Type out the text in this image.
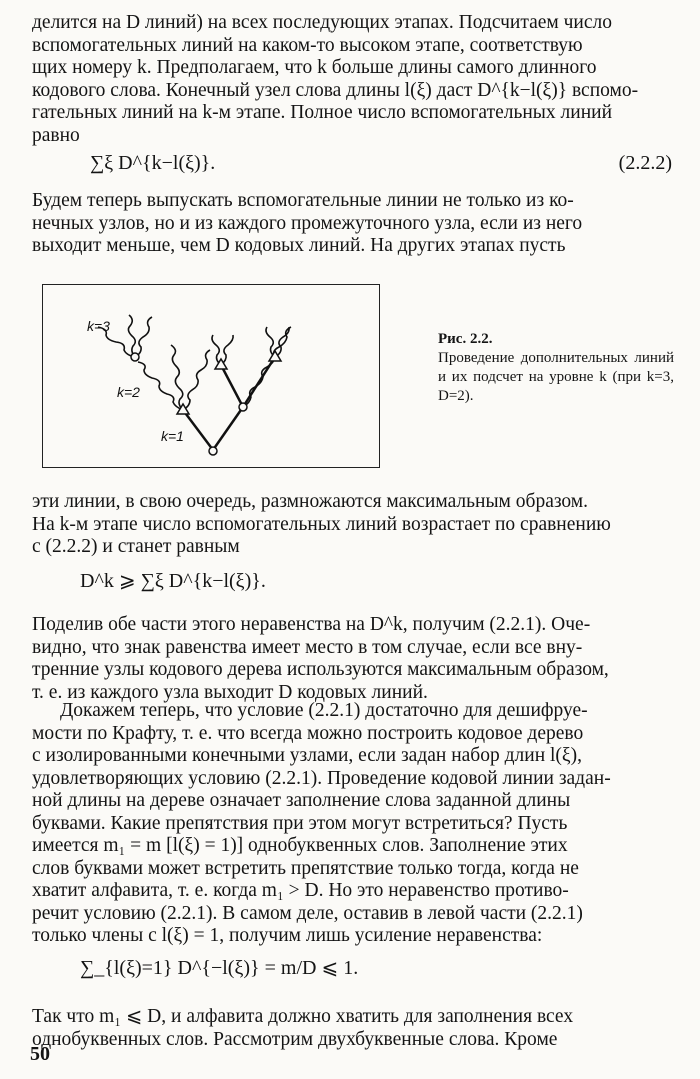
делится на D линий) на всех последующих этапах. Подсчитаем число
вспомогательных линий на каком-то высоком этапе, соответствую
щих номеру k. Предполагаем, что k больше длины самого длинного
кодового слова. Конечный узел слова длины l(ξ) даст D^{k−l(ξ)} вспомо-
гательных линий на k-м этапе. Полное число вспомогательных линий
равно
∑ξ D^{k−l(ξ)}.	(2.2.2)
Будем теперь выпускать вспомогательные линии не только из ко-
нечных узлов, но и из каждого промежуточного узла, если из него
выходит меньше, чем D кодовых линий. На других этапах пусть
k=3
k=2
k=1
Рис. 2.2.
Проведение дополнительных линий и их подсчет на уровне k (при k=3, D=2).
эти линии, в свою очередь, размножаются максимальным образом.
На k-м этапе число вспомогательных линий возрастает по сравнению
с (2.2.2) и станет равным
D^k ⩾ ∑ξ D^{k−l(ξ)}.
Поделив обе части этого неравенства на D^k, получим (2.2.1). Оче-
видно, что знак равенства имеет место в том случае, если все вну-
тренние узлы кодового дерева используются максимальным образом,
т. е. из каждого узла выходит D кодовых линий.
Докажем теперь, что условие (2.2.1) достаточно для дешифруе-
мости по Крафту, т. е. что всегда можно построить кодовое дерево
с изолированными конечными узлами, если задан набор длин l(ξ),
удовлетворяющих условию (2.2.1). Проведение кодовой линии задан-
ной длины на дереве означает заполнение слова заданной длины
буквами. Какие препятствия при этом могут встретиться? Пусть
имеется m₁ = m [l(ξ) = 1)] однобуквенных слов. Заполнение этих
слов буквами может встретить препятствие только тогда, когда не
хватит алфавита, т. е. когда m₁ > D. Но это неравенство противо-
речит условию (2.2.1). В самом деле, оставив в левой части (2.2.1)
только члены с l(ξ) = 1, получим лишь усиление неравенства:
∑_{l(ξ)=1} D^{−l(ξ)} = m/D ⩽ 1.
Так что m₁ ⩽ D, и алфавита должно хватить для заполнения всех
однобуквенных слов. Рассмотрим двухбуквенные слова. Кроме
50
